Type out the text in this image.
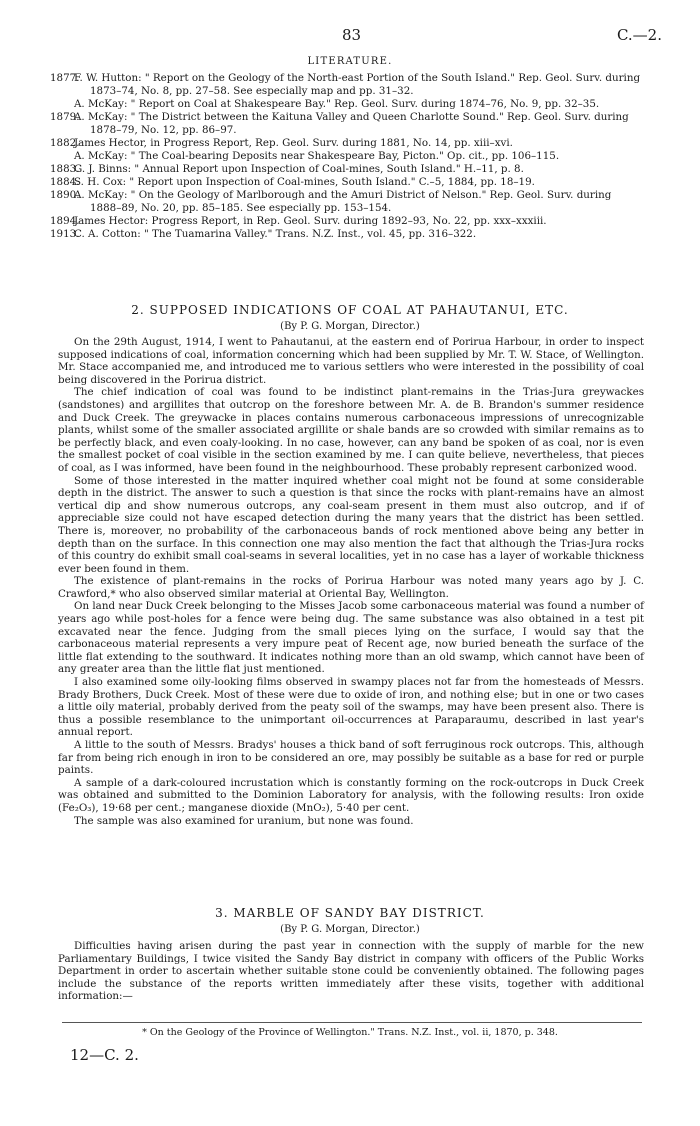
83	C.—2.
LITERATURE.

1877.
F. W. Hutton: " Report on the Geology of the North-east Portion of the South Island." Rep. Geol. Surv. during 1873–74, No. 8, pp. 27–58. See especially map and pp. 31–32.

A. McKay: " Report on Coal at Shakespeare Bay." Rep. Geol. Surv. during 1874–76, No. 9, pp. 32–35.

1879.
A. McKay: " The District between the Kaituna Valley and Queen Charlotte Sound." Rep. Geol. Surv. during 1878–79, No. 12, pp. 86–97.

1882.
James Hector, in Progress Report, Rep. Geol. Surv. during 1881, No. 14, pp. xiii–xvi.

A. McKay: " The Coal-bearing Deposits near Shakespeare Bay, Picton." Op. cit., pp. 106–115.

1883.
G. J. Binns: " Annual Report upon Inspection of Coal-mines, South Island." H.–11, p. 8.

1884.
S. H. Cox: " Report upon Inspection of Coal-mines, South Island." C.–5, 1884, pp. 18–19.

1890.
A. McKay: " On the Geology of Marlborough and the Amuri District of Nelson." Rep. Geol. Surv. during 1888–89, No. 20, pp. 85–185. See especially pp. 153–154.

1894.
James Hector: Progress Report, in Rep. Geol. Surv. during 1892–93, No. 22, pp. xxx–xxxiii.

1913.
C. A. Cotton: " The Tuamarina Valley." Trans. N.Z. Inst., vol. 45, pp. 316–322.

2. SUPPOSED INDICATIONS OF COAL AT PAHAUTANUI, ETC.
(By P. G. Morgan, Director.)

On the 29th August, 1914, I went to Pahautanui, at the eastern end of Porirua Harbour, in order to inspect supposed indications of coal, information concerning which had been supplied by Mr. T. W. Stace, of Wellington. Mr. Stace accompanied me, and introduced me to various settlers who were interested in the possibility of coal being discovered in the Porirua district.

The chief indication of coal was found to be indistinct plant-remains in the Trias-Jura greywackes (sandstones) and argillites that outcrop on the foreshore between Mr. A. de B. Brandon's summer residence and Duck Creek. The greywacke in places contains numerous carbonaceous impressions of unrecognizable plants, whilst some of the smaller associated argillite or shale bands are so crowded with similar remains as to be perfectly black, and even coaly-looking. In no case, however, can any band be spoken of as coal, nor is even the smallest pocket of coal visible in the section examined by me. I can quite believe, nevertheless, that pieces of coal, as I was informed, have been found in the neighbourhood. These probably represent carbonized wood.

Some of those interested in the matter inquired whether coal might not be found at some considerable depth in the district. The answer to such a question is that since the rocks with plant-remains have an almost vertical dip and show numerous outcrops, any coal-seam present in them must also outcrop, and if of appreciable size could not have escaped detection during the many years that the district has been settled. There is, moreover, no probability of the carbonaceous bands of rock mentioned above being any better in depth than on the surface. In this connection one may also mention the fact that although the Trias-Jura rocks of this country do exhibit small coal-seams in several localities, yet in no case has a layer of workable thickness ever been found in them.

The existence of plant-remains in the rocks of Porirua Harbour was noted many years ago by J. C. Crawford,* who also observed similar material at Oriental Bay, Wellington.

On land near Duck Creek belonging to the Misses Jacob some carbonaceous material was found a number of years ago while post-holes for a fence were being dug. The same substance was also obtained in a test pit excavated near the fence. Judging from the small pieces lying on the surface, I would say that the carbonaceous material represents a very impure peat of Recent age, now buried beneath the surface of the little flat extending to the southward. It indicates nothing more than an old swamp, which cannot have been of any greater area than the little flat just mentioned.

I also examined some oily-looking films observed in swampy places not far from the homesteads of Messrs. Brady Brothers, Duck Creek. Most of these were due to oxide of iron, and nothing else; but in one or two cases a little oily material, probably derived from the peaty soil of the swamps, may have been present also. There is thus a possible resemblance to the unimportant oil-occurrences at Paraparaumu, described in last year's annual report.

A little to the south of Messrs. Bradys' houses a thick band of soft ferruginous rock outcrops. This, although far from being rich enough in iron to be considered an ore, may possibly be suitable as a base for red or purple paints.

A sample of a dark-coloured incrustation which is constantly forming on the rock-outcrops in Duck Creek was obtained and submitted to the Dominion Laboratory for analysis, with the following results: Iron oxide (Fe₂O₃), 19·68 per cent.; manganese dioxide (MnO₂), 5·40 per cent.

The sample was also examined for uranium, but none was found.

3. MARBLE OF SANDY BAY DISTRICT.
(By P. G. Morgan, Director.)

Difficulties having arisen during the past year in connection with the supply of marble for the new Parliamentary Buildings, I twice visited the Sandy Bay district in company with officers of the Public Works Department in order to ascertain whether suitable stone could be conveniently obtained. The following pages include the substance of the reports written immediately after these visits, together with additional information:—

* On the Geology of the Province of Wellington." Trans. N.Z. Inst., vol. ii, 1870, p. 348.
12—C. 2.
